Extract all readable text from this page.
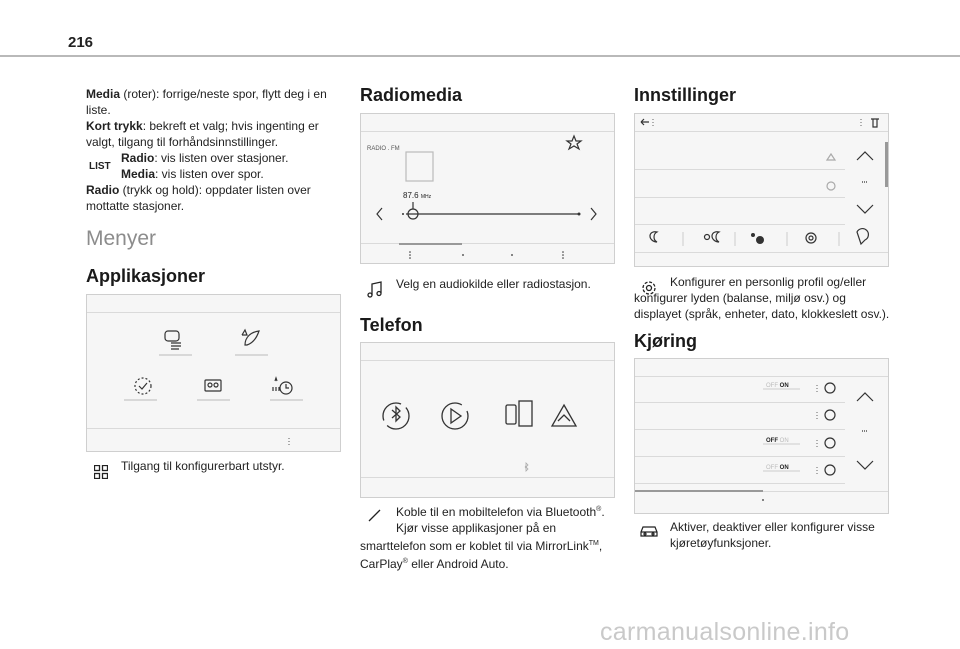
216
Media (roter): forrige/neste spor, flytt deg i en liste.
Kort trykk: bekreft et valg; hvis ingenting er valgt, tilgang til forhåndsinnstillinger.
LIST
Radio: vis listen over stasjoner.
Media: vis listen over spor.
Radio (trykk og hold): oppdater listen over mottatte stasjoner.
Menyer
Applikasjoner
Tilgang til konfigurerbart utstyr.
Radiomedia
RADIO . FM
87.6 MHz
Velg en audiokilde eller radiostasjon.
Telefon
Koble til en mobiltelefon via Bluetooth®.
Kjør visse applikasjoner på en smarttelefon som er koblet til via MirrorLink™, CarPlay® eller Android Auto.
Innstillinger
Konfigurer en personlig profil og/eller konfigurer lyden (balanse, miljø osv.) og displayet (språk, enheter, dato, klokkeslett osv.).
Kjøring
OFF ON
OFF ON
OFF ON
Aktiver, deaktiver eller konfigurer visse kjøretøyfunksjoner.
carmanualsonline.info
